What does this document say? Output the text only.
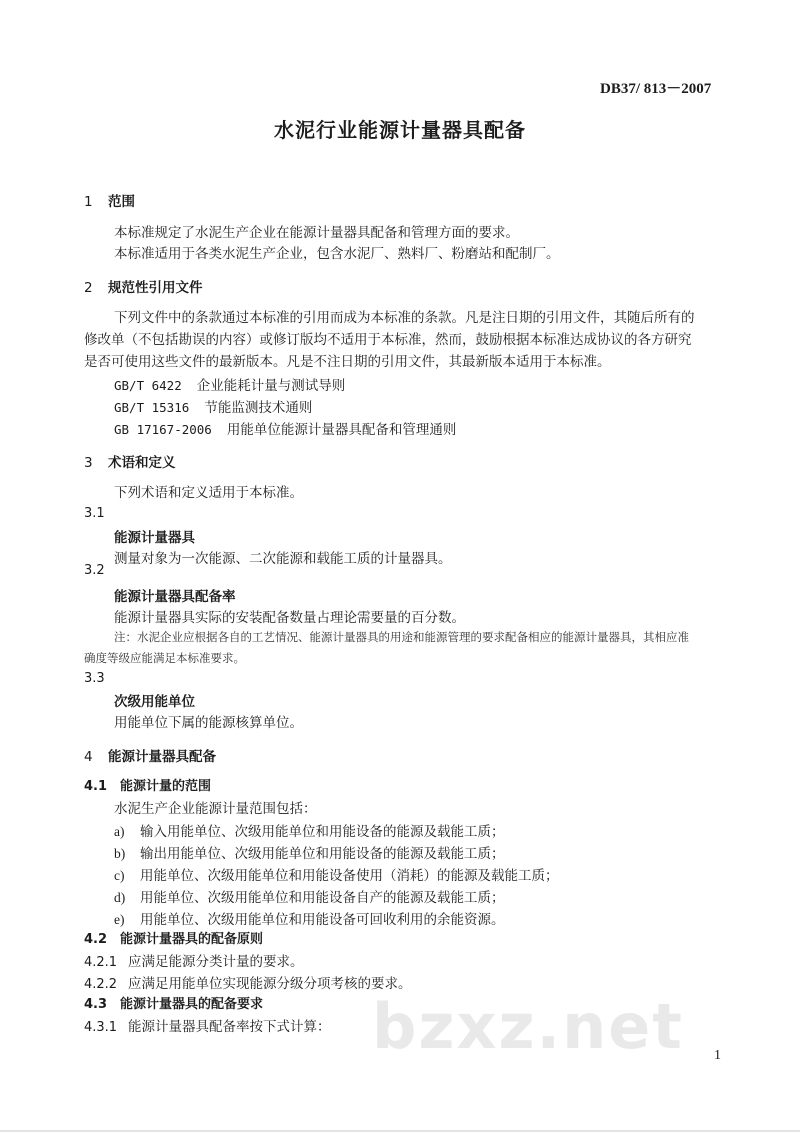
DB37/ 813－2007
水泥行业能源计量器具配备
1 范围
本标准规定了水泥生产企业在能源计量器具配备和管理方面的要求。
本标准适用于各类水泥生产企业，包含水泥厂、熟料厂、粉磨站和配制厂。
2 规范性引用文件
下列文件中的条款通过本标准的引用而成为本标准的条款。凡是注日期的引用文件，其随后所有的
修改单（不包括勘误的内容）或修订版均不适用于本标准，然而，鼓励根据本标准达成协议的各方研究
是否可使用这些文件的最新版本。凡是不注日期的引用文件，其最新版本适用于本标准。
GB/T 6422 企业能耗计量与测试导则
GB/T 15316 节能监测技术通则
GB 17167-2006 用能单位能源计量器具配备和管理通则
3 术语和定义
下列术语和定义适用于本标准。
3.1
能源计量器具
测量对象为一次能源、二次能源和载能工质的计量器具。
3.2
能源计量器具配备率
能源计量器具实际的安装配备数量占理论需要量的百分数。
注：水泥企业应根据各自的工艺情况、能源计量器具的用途和能源管理的要求配备相应的能源计量器具，其相应准
确度等级应能满足本标准要求。
3.3
次级用能单位
用能单位下属的能源核算单位。
4 能源计量器具配备
4.1 能源计量的范围
水泥生产企业能源计量范围包括：
a) 输入用能单位、次级用能单位和用能设备的能源及载能工质；
b) 输出用能单位、次级用能单位和用能设备的能源及载能工质；
c) 用能单位、次级用能单位和用能设备使用（消耗）的能源及载能工质；
d) 用能单位、次级用能单位和用能设备自产的能源及载能工质；
e) 用能单位、次级用能单位和用能设备可回收利用的余能资源。
4.2 能源计量器具的配备原则
4.2.1 应满足能源分类计量的要求。
4.2.2 应满足用能单位实现能源分级分项考核的要求。
4.3 能源计量器具的配备要求
4.3.1 能源计量器具配备率按下式计算： bzxz.net 1
